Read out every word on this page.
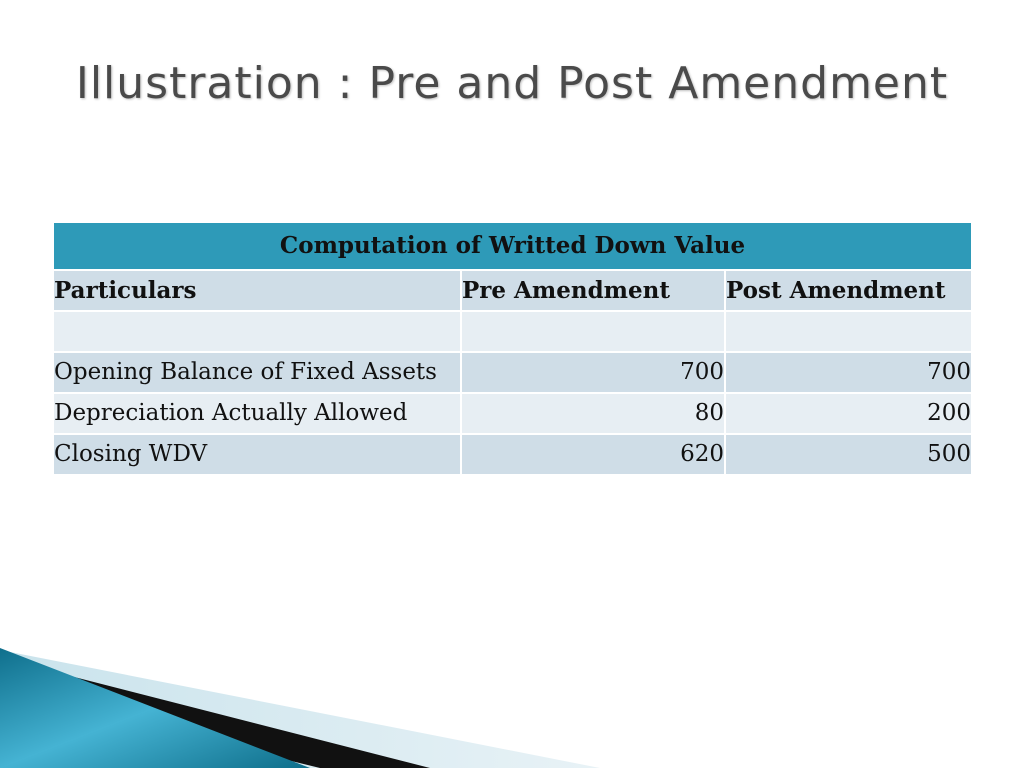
Illustration : Pre and Post Amendment
Computation of Writted Down Value		
Particulars	Pre Amendment	Post Amendment

Opening Balance of Fixed Assets	700	700
Depreciation Actually Allowed	80	200
Closing WDV	620	500
